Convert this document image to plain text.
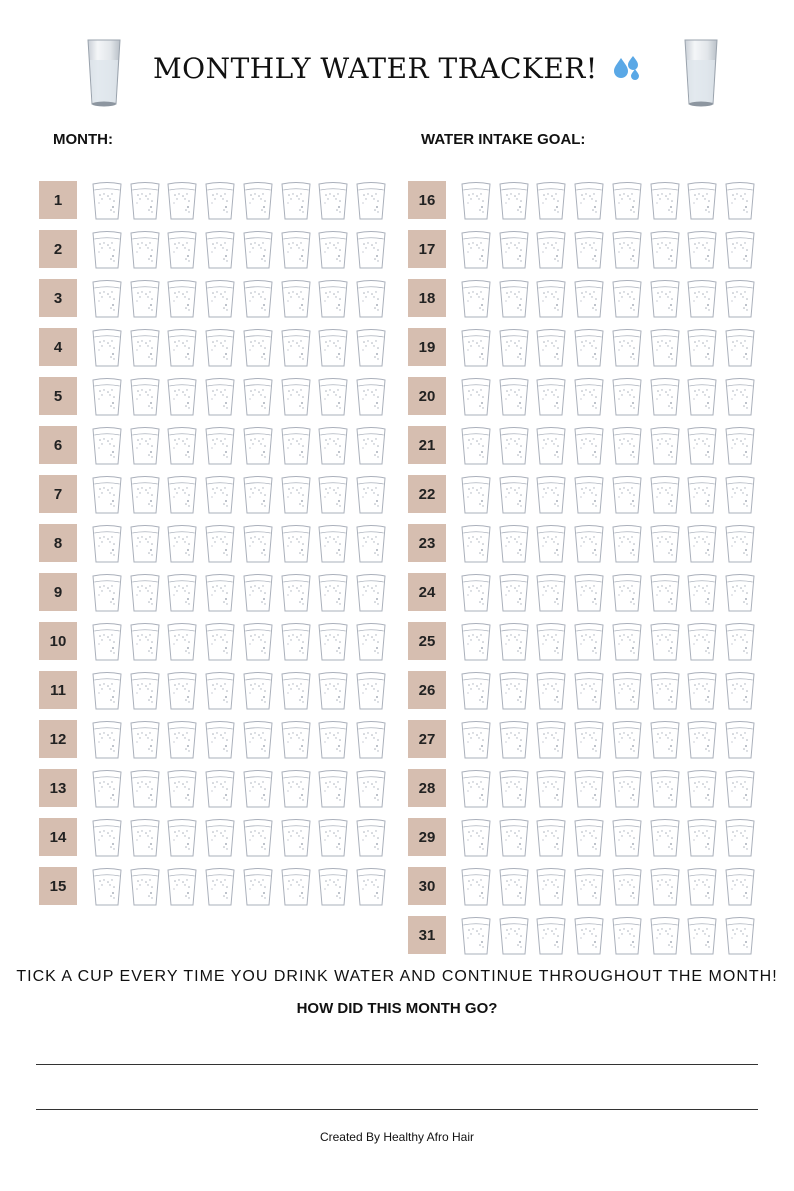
MONTHLY WATER TRACKER!
MONTH:	WATER INTAKE GOAL:
1
2
3
4
5
6
7
8
9
10
11
12
13
14
15
16
17
18
19
20
21
22
23
24
25
26
27
28
29
30
31
TICK A CUP EVERY TIME YOU DRINK WATER AND CONTINUE THROUGHOUT THE MONTH!
HOW DID THIS MONTH GO?
Created By Healthy Afro Hair
